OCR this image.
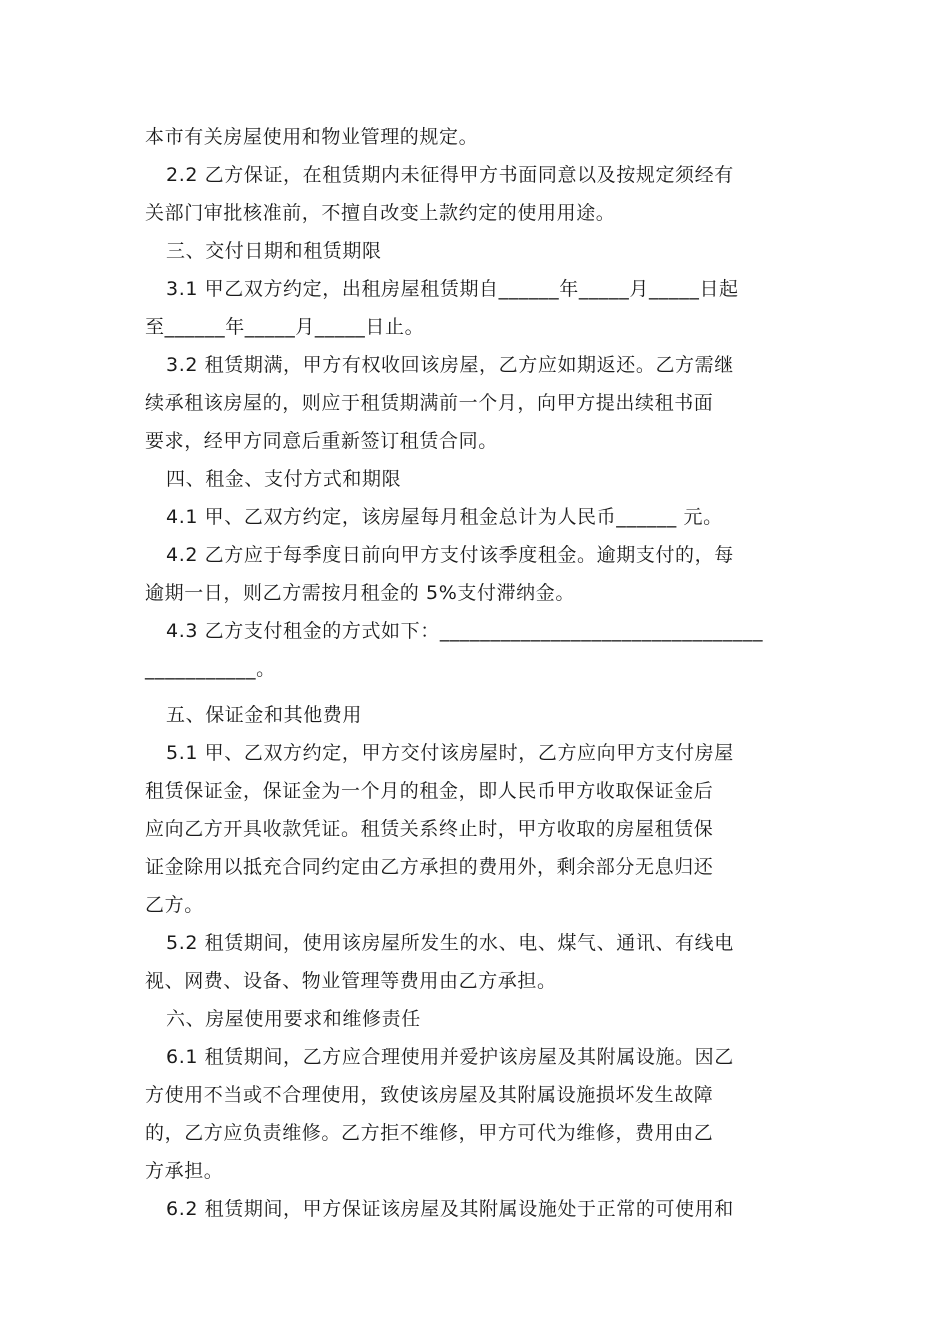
本市有关房屋使用和物业管理的规定。
2.2 乙方保证，在租赁期内未征得甲方书面同意以及按规定须经有
关部门审批核准前，不擅自改变上款约定的使用用途。
三、交付日期和租赁期限
3.1 甲乙双方约定，出租房屋租赁期自______年_____月_____日起
至______年_____月_____日止。
3.2 租赁期满，甲方有权收回该房屋，乙方应如期返还。乙方需继
续承租该房屋的，则应于租赁期满前一个月，向甲方提出续租书面
要求，经甲方同意后重新签订租赁合同。
四、租金、支付方式和期限
4.1 甲、乙双方约定，该房屋每月租金总计为人民币______ 元。
4.2 乙方应于每季度日前向甲方支付该季度租金。逾期支付的，每
逾期一日，则乙方需按月租金的 5%支付滞纳金。
4.3 乙方支付租金的方式如下：________________________________
___________。
五、保证金和其他费用
5.1 甲、乙双方约定，甲方交付该房屋时，乙方应向甲方支付房屋
租赁保证金，保证金为一个月的租金，即人民币甲方收取保证金后
应向乙方开具收款凭证。租赁关系终止时，甲方收取的房屋租赁保
证金除用以抵充合同约定由乙方承担的费用外，剩余部分无息归还
乙方。
5.2 租赁期间，使用该房屋所发生的水、电、煤气、通讯、有线电
视、网费、设备、物业管理等费用由乙方承担。
六、房屋使用要求和维修责任
6.1 租赁期间，乙方应合理使用并爱护该房屋及其附属设施。因乙
方使用不当或不合理使用，致使该房屋及其附属设施损坏发生故障
的，乙方应负责维修。乙方拒不维修，甲方可代为维修，费用由乙
方承担。
6.2 租赁期间，甲方保证该房屋及其附属设施处于正常的可使用和
